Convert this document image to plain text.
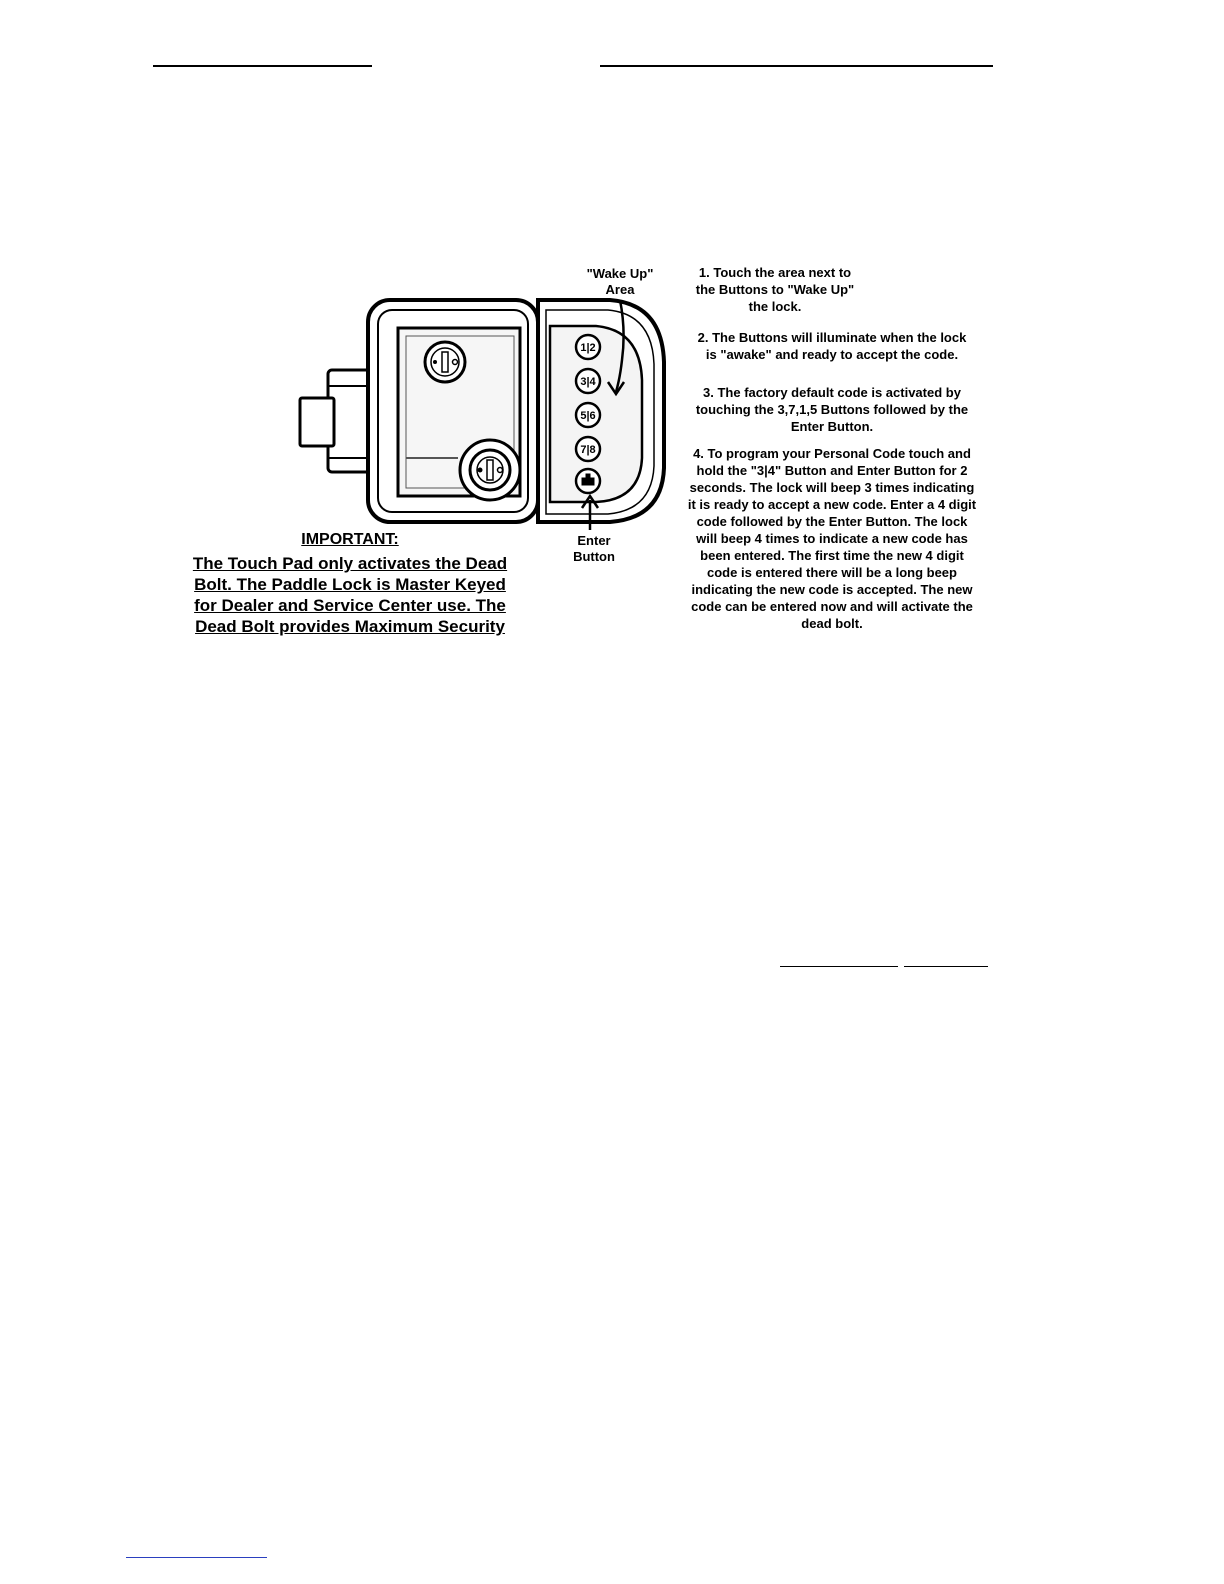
"Wake Up"
Area
Enter
Button
1|2
3|4
5|6
7|8
IMPORTANT:
The Touch Pad only activates the Dead
Bolt. The Paddle Lock is Master Keyed
for Dealer and Service Center use. The
Dead Bolt provides Maximum Security
1. Touch the area next to
the Buttons to "Wake Up"
the lock.
2. The Buttons will illuminate when the lock
is "awake" and ready to accept the code.
3. The factory default code is activated by
touching the 3,7,1,5 Buttons followed by the
Enter Button.
4. To program your Personal Code touch and
hold the "3|4" Button and Enter Button for 2
seconds. The lock will beep 3 times indicating
it is ready to accept a new code. Enter a 4 digit
code followed by the Enter Button. The lock
will beep 4 times to indicate a new code has
been entered. The first time the new 4 digit
code is entered there will be a long beep
indicating the new code is accepted. The new
code can be entered now and will activate the
dead bolt.
